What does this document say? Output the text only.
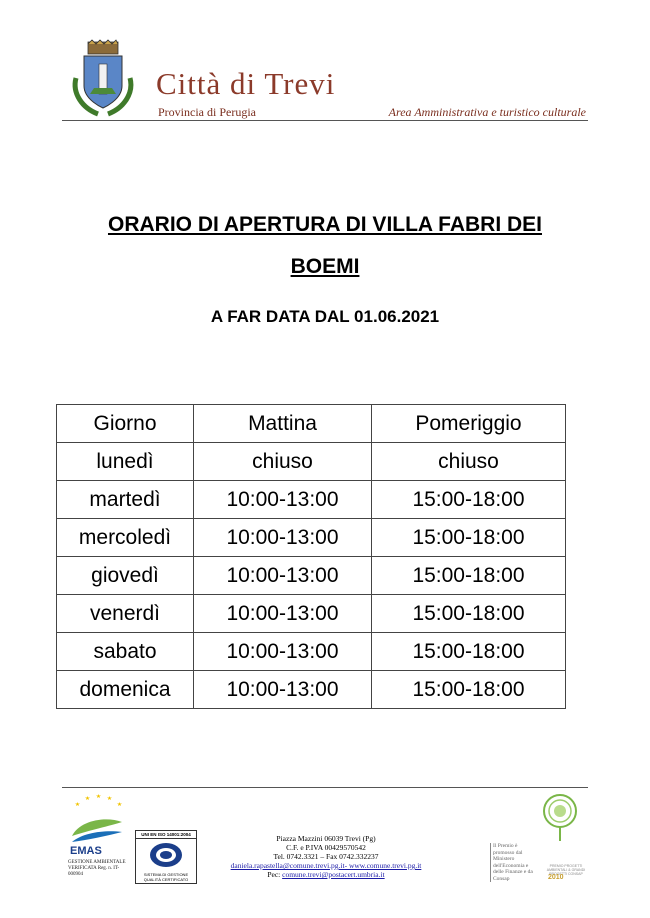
Città di Trevi
Provincia di Perugia	Area Amministrativa e turistico culturale
ORARIO DI APERTURA DI VILLA FABRI DEI
BOEMI
A FAR DATA DAL 01.06.2021
Giorno	Mattina	Pomeriggio
lunedì	chiuso	chiuso
martedì	10:00-13:00	15:00-18:00
mercoledì	10:00-13:00	15:00-18:00
giovedì	10:00-13:00	15:00-18:00
venerdì	10:00-13:00	15:00-18:00
sabato	10:00-13:00	15:00-18:00
domenica	10:00-13:00	15:00-18:00
EMAS
GESTIONE AMBIENTALE VERIFICATA Reg. n. IT-000904
UNI EN ISO 14001:2004
SISTEMA DI GESTIONE QUALITÀ CERTIFICATO
Piazza Mazzini 06039 Trevi (Pg)
C.F. e P.IVA 00429570542
Tel. 0742.3321 – Fax 0742.332237
daniela.rapastella@comune.trevi.pg.it- www.comune.trevi.pg.it
Pec: comune.trevi@postacert.umbria.it
Il Premio è promosso dal Ministero dell'Economia e delle Finanze e da Consap
PREMIO PROGETTI AMBIENTALI & GRANDI PROGETTI CONSAP
2010
